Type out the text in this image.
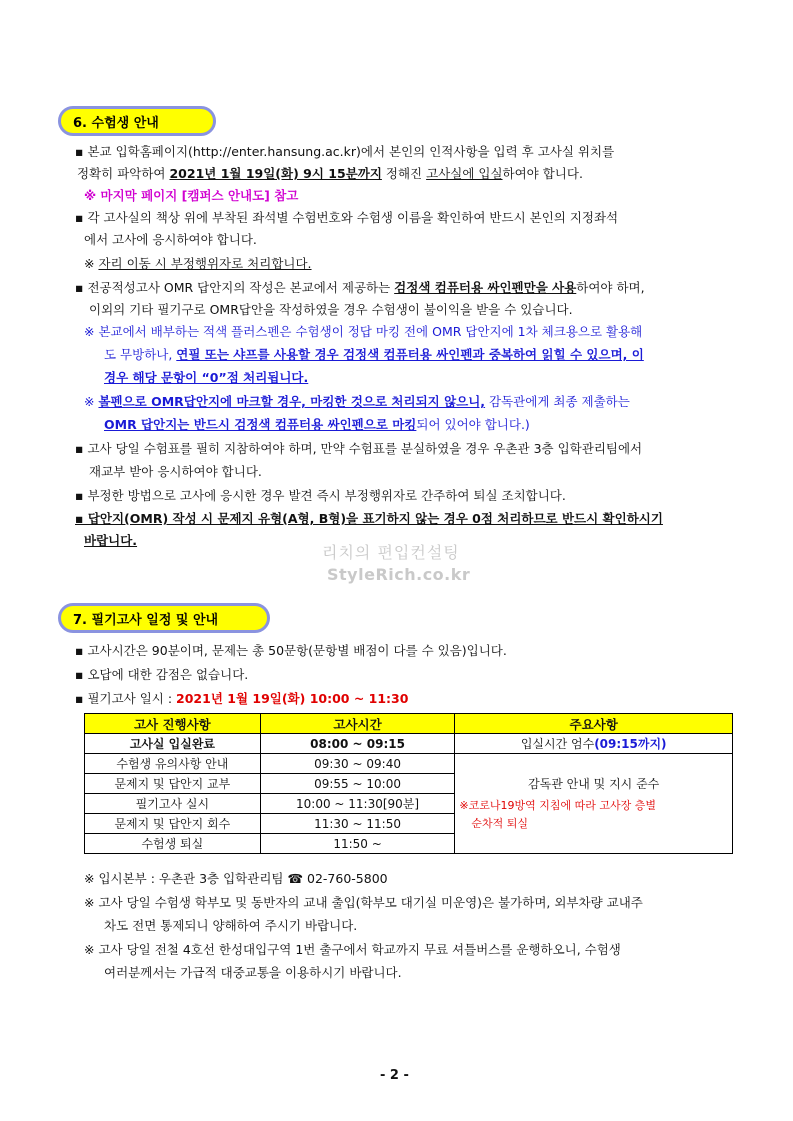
6. 수험생 안내
▪ 본교 입학홈페이지(http://enter.hansung.ac.kr)에서 본인의 인적사항을 입력 후 고사실 위치를
정확히 파악하여 2021년 1월 19일(화) 9시 15분까지 정해진 고사실에 입실하여야 합니다.
※ 마지막 페이지 [캠퍼스 안내도] 참고
▪ 각 고사실의 책상 위에 부착된 좌석별 수험번호와 수험생 이름을 확인하여 반드시 본인의 지정좌석
에서 고사에 응시하여야 합니다.
※ 자리 이동 시 부정행위자로 처리합니다.
▪ 전공적성고사 OMR 답안지의 작성은 본교에서 제공하는 검정색 컴퓨터용 싸인펜만을 사용하여야 하며,
이외의 기타 필기구로 OMR답안을 작성하였을 경우 수험생이 불이익을 받을 수 있습니다.
※ 본교에서 배부하는 적색 플러스펜은 수험생이 정답 마킹 전에 OMR 답안지에 1차 체크용으로 활용해
도 무방하나, 연필 또는 샤프를 사용할 경우 검정색 컴퓨터용 싸인펜과 중복하여 읽힐 수 있으며, 이
경우 해당 문항이 “0”점 처리됩니다.
※ 볼펜으로 OMR답안지에 마크할 경우, 마킹한 것으로 처리되지 않으니, 감독관에게 최종 제출하는
OMR 답안지는 반드시 검정색 컴퓨터용 싸인펜으로 마킹되어 있어야 합니다.)
▪ 고사 당일 수험표를 필히 지참하여야 하며, 만약 수험표를 분실하였을 경우 우촌관 3층 입학관리팀에서
재교부 받아 응시하여야 합니다.
▪ 부정한 방법으로 고사에 응시한 경우 발견 즉시 부정행위자로 간주하여 퇴실 조치합니다.
▪ 답안지(OMR) 작성 시 문제지 유형(A형, B형)을 표기하지 않는 경우 0점 처리하므로 반드시 확인하시기
바랍니다.
리치의 편입컨설팅
StyleRich.co.kr
7. 필기고사 일정 및 안내
▪ 고사시간은 90분이며, 문제는 총 50문항(문항별 배점이 다를 수 있음)입니다.
▪ 오답에 대한 감점은 없습니다.
▪ 필기고사 일시 : 2021년 1월 19일(화) 10:00 ~ 11:30
고사 진행사항	고사시간	주요사항
고사실 입실완료	08:00 ~ 09:15	입실시간 엄수(09:15까지)
수험생 유의사항 안내	09:30 ~ 09:40	감독관 안내 및 지시 준수
※코로나19방역 지침에 따라 고사장 층별
순차적 퇴실

문제지 및 답안지 교부	09:55 ~ 10:00	
필기고사 실시	10:00 ~ 11:30[90분]	
문제지 및 답안지 회수	11:30 ~ 11:50	
수험생 퇴실	11:50 ~	
※ 입시본부 : 우촌관 3층 입학관리팀 ☎ 02-760-5800
※ 고사 당일 수험생 학부모 및 동반자의 교내 출입(학부모 대기실 미운영)은 불가하며, 외부차량 교내주
차도 전면 통제되니 양해하여 주시기 바랍니다.
※ 고사 당일 전철 4호선 한성대입구역 1번 출구에서 학교까지 무료 셔틀버스를 운행하오니, 수험생
여러분께서는 가급적 대중교통을 이용하시기 바랍니다.
- 2 -
